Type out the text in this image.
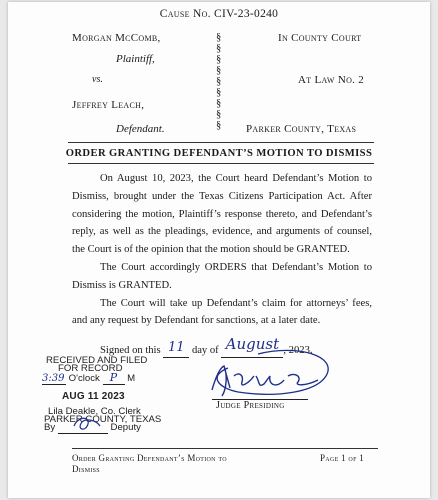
Cause No. CIV-23-0240
Morgan McComb,
Plaintiff,
vs.
Jeffrey Leach,
Defendant.
§
§
§
§
§
§
§
§
§
In County Court
At Law No. 2
Parker County, Texas
ORDER GRANTING DEFENDANT’S MOTION TO DISMISS

On August 10, 2023, the Court heard Defendant’s Motion to Dismiss, brought under the Texas Citizens Participation Act. After considering the motion, Plaintiff’s response thereto, and Defendant’s reply, as well as the pleadings, evidence, and arguments of counsel, the Court is of the opinion that the motion should be GRANTED.

The Court accordingly ORDERS that Defendant’s Motion to Dismiss is GRANTED.

The Court will take up Defendant’s claim for attorneys’ fees, and any request by Defendant for sanctions, at a later date.

Signed on this 11 day of August , 2023.
Judge Presiding
RECEIVED AND FILED
FOR RECORD
3:39 O'clock P M
AUG 11 2023
Lila Deakle, Co. Clerk
PARKER COUNTY, TEXAS
By	Deputy
Order Granting Defendant’s Motion to
Dismiss
Page 1 of 1
